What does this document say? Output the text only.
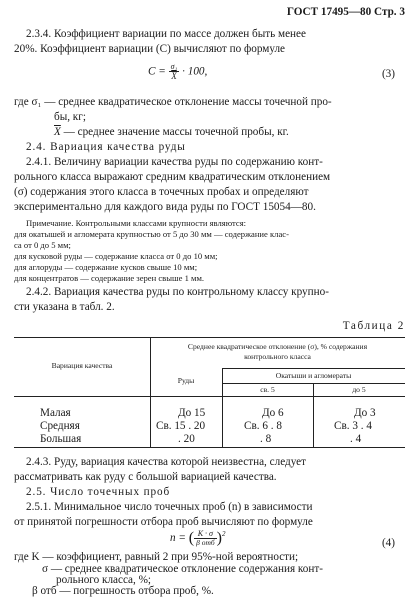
ГОСТ 17495—80 Стр. 3
2.3.4. Коэффициент вариации по массе должен быть менее
20%. Коэффициент вариации (С) вычисляют по формуле
$C = \frac{\text{σ₁}}{X} \cdot 100$,	(3)
где σ₁ — среднее квадратическое отклонение массы точечной про-
бы, кг;
$\overline{X}$ — среднее значение массы точечной пробы, кг.
2.4. Вариация качества руды
2.4.1. Величину вариации качества руды по содержанию конт-
рольного класса выражают средним квадратическим отклонением
(σ) содержания этого класса в точечных пробах и определяют
экспериментально для каждого вида руды по ГОСТ 15054—80.
Примечание. Контрольными классами крупности являются:
для окатышей и агломерата крупностью от 5 до 30 мм — содержание клас-
са от 0 до 5 мм;
для кусковой руды — содержание класса от 0 до 10 мм;
для аглоруды — содержание кусков свыше 10 мм;
для концентратов — содержание зерен свыше 1 мм.
2.4.2. Вариация качества руды по контрольному классу крупно-
сти указана в табл. 2.
Таблица 2
Вариация качества
Среднее квадратическое отклонение (σ), % содержания
контрольного класса
Руды
Окатыши и агломераты
св. 5	до 5
Малая
Средняя
Большая
До 15
Св. 15 . 20
. 20
До 6
Св. 6 . 8
. 8
До 3
Св. 3 . 4
. 4
2.4.3. Руду, вариация качества которой неизвестна, следует
рассматривать как руду с большой вариацией качества.
2.5. Число точечных проб
2.5.1. Минимальное число точечных проб (n) в зависимости
от принятой погрешности отбора проб вычисляют по формуле
n = ( $\frac{K \cdot \sigma}{\text{β отб}} )^2$
(4)
где K — коэффициент, равный 2 при 95%-ной вероятности;
σ — среднее квадратическое отклонение содержания конт-
рольного класса, %;
β отб — погрешность отбора проб, %.
